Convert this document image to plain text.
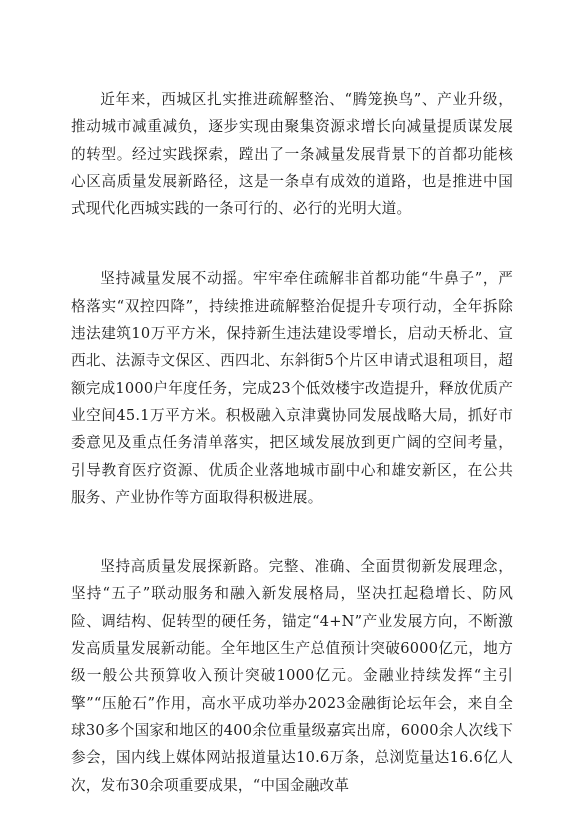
近年来，西城区扎实推进疏解整治、“腾笼换鸟”、产业升级，推动城市减重减负，逐步实现由聚集资源求增长向减量提质谋发展的转型。经过实践探索，蹚出了一条减量发展背景下的首都功能核心区高质量发展新路径，这是一条卓有成效的道路，也是推进中国式现代化西城实践的一条可行的、必行的光明大道。

坚持减量发展不动摇。牢牢牵住疏解非首都功能“牛鼻子”，严格落实“双控四降”，持续推进疏解整治促提升专项行动，全年拆除违法建筑10万平方米，保持新生违法建设零增长，启动天桥北、宣西北、法源寺文保区、西四北、东斜街5个片区申请式退租项目，超额完成1000户年度任务，完成23个低效楼宇改造提升，释放优质产业空间45.1万平方米。积极融入京津冀协同发展战略大局，抓好市委意见及重点任务清单落实，把区域发展放到更广阔的空间考量，引导教育医疗资源、优质企业落地城市副中心和雄安新区，在公共服务、产业协作等方面取得积极进展。

坚持高质量发展探新路。完整、准确、全面贯彻新发展理念，坚持“五子”联动服务和融入新发展格局，坚决扛起稳增长、防风险、调结构、促转型的硬任务，锚定“4+N”产业发展方向，不断激发高质量发展新动能。全年地区生产总值预计突破6000亿元，地方级一般公共预算收入预计突破1000亿元。金融业持续发挥“主引擎”“压舱石”作用，高水平成功举办2023金融街论坛年会，来自全球30多个国家和地区的400余位重量级嘉宾出席，6000余人次线下参会，国内线上媒体网站报道量达10.6万条，总浏览量达16.6亿人次，发布30余项重要成果，“中国金融改革
